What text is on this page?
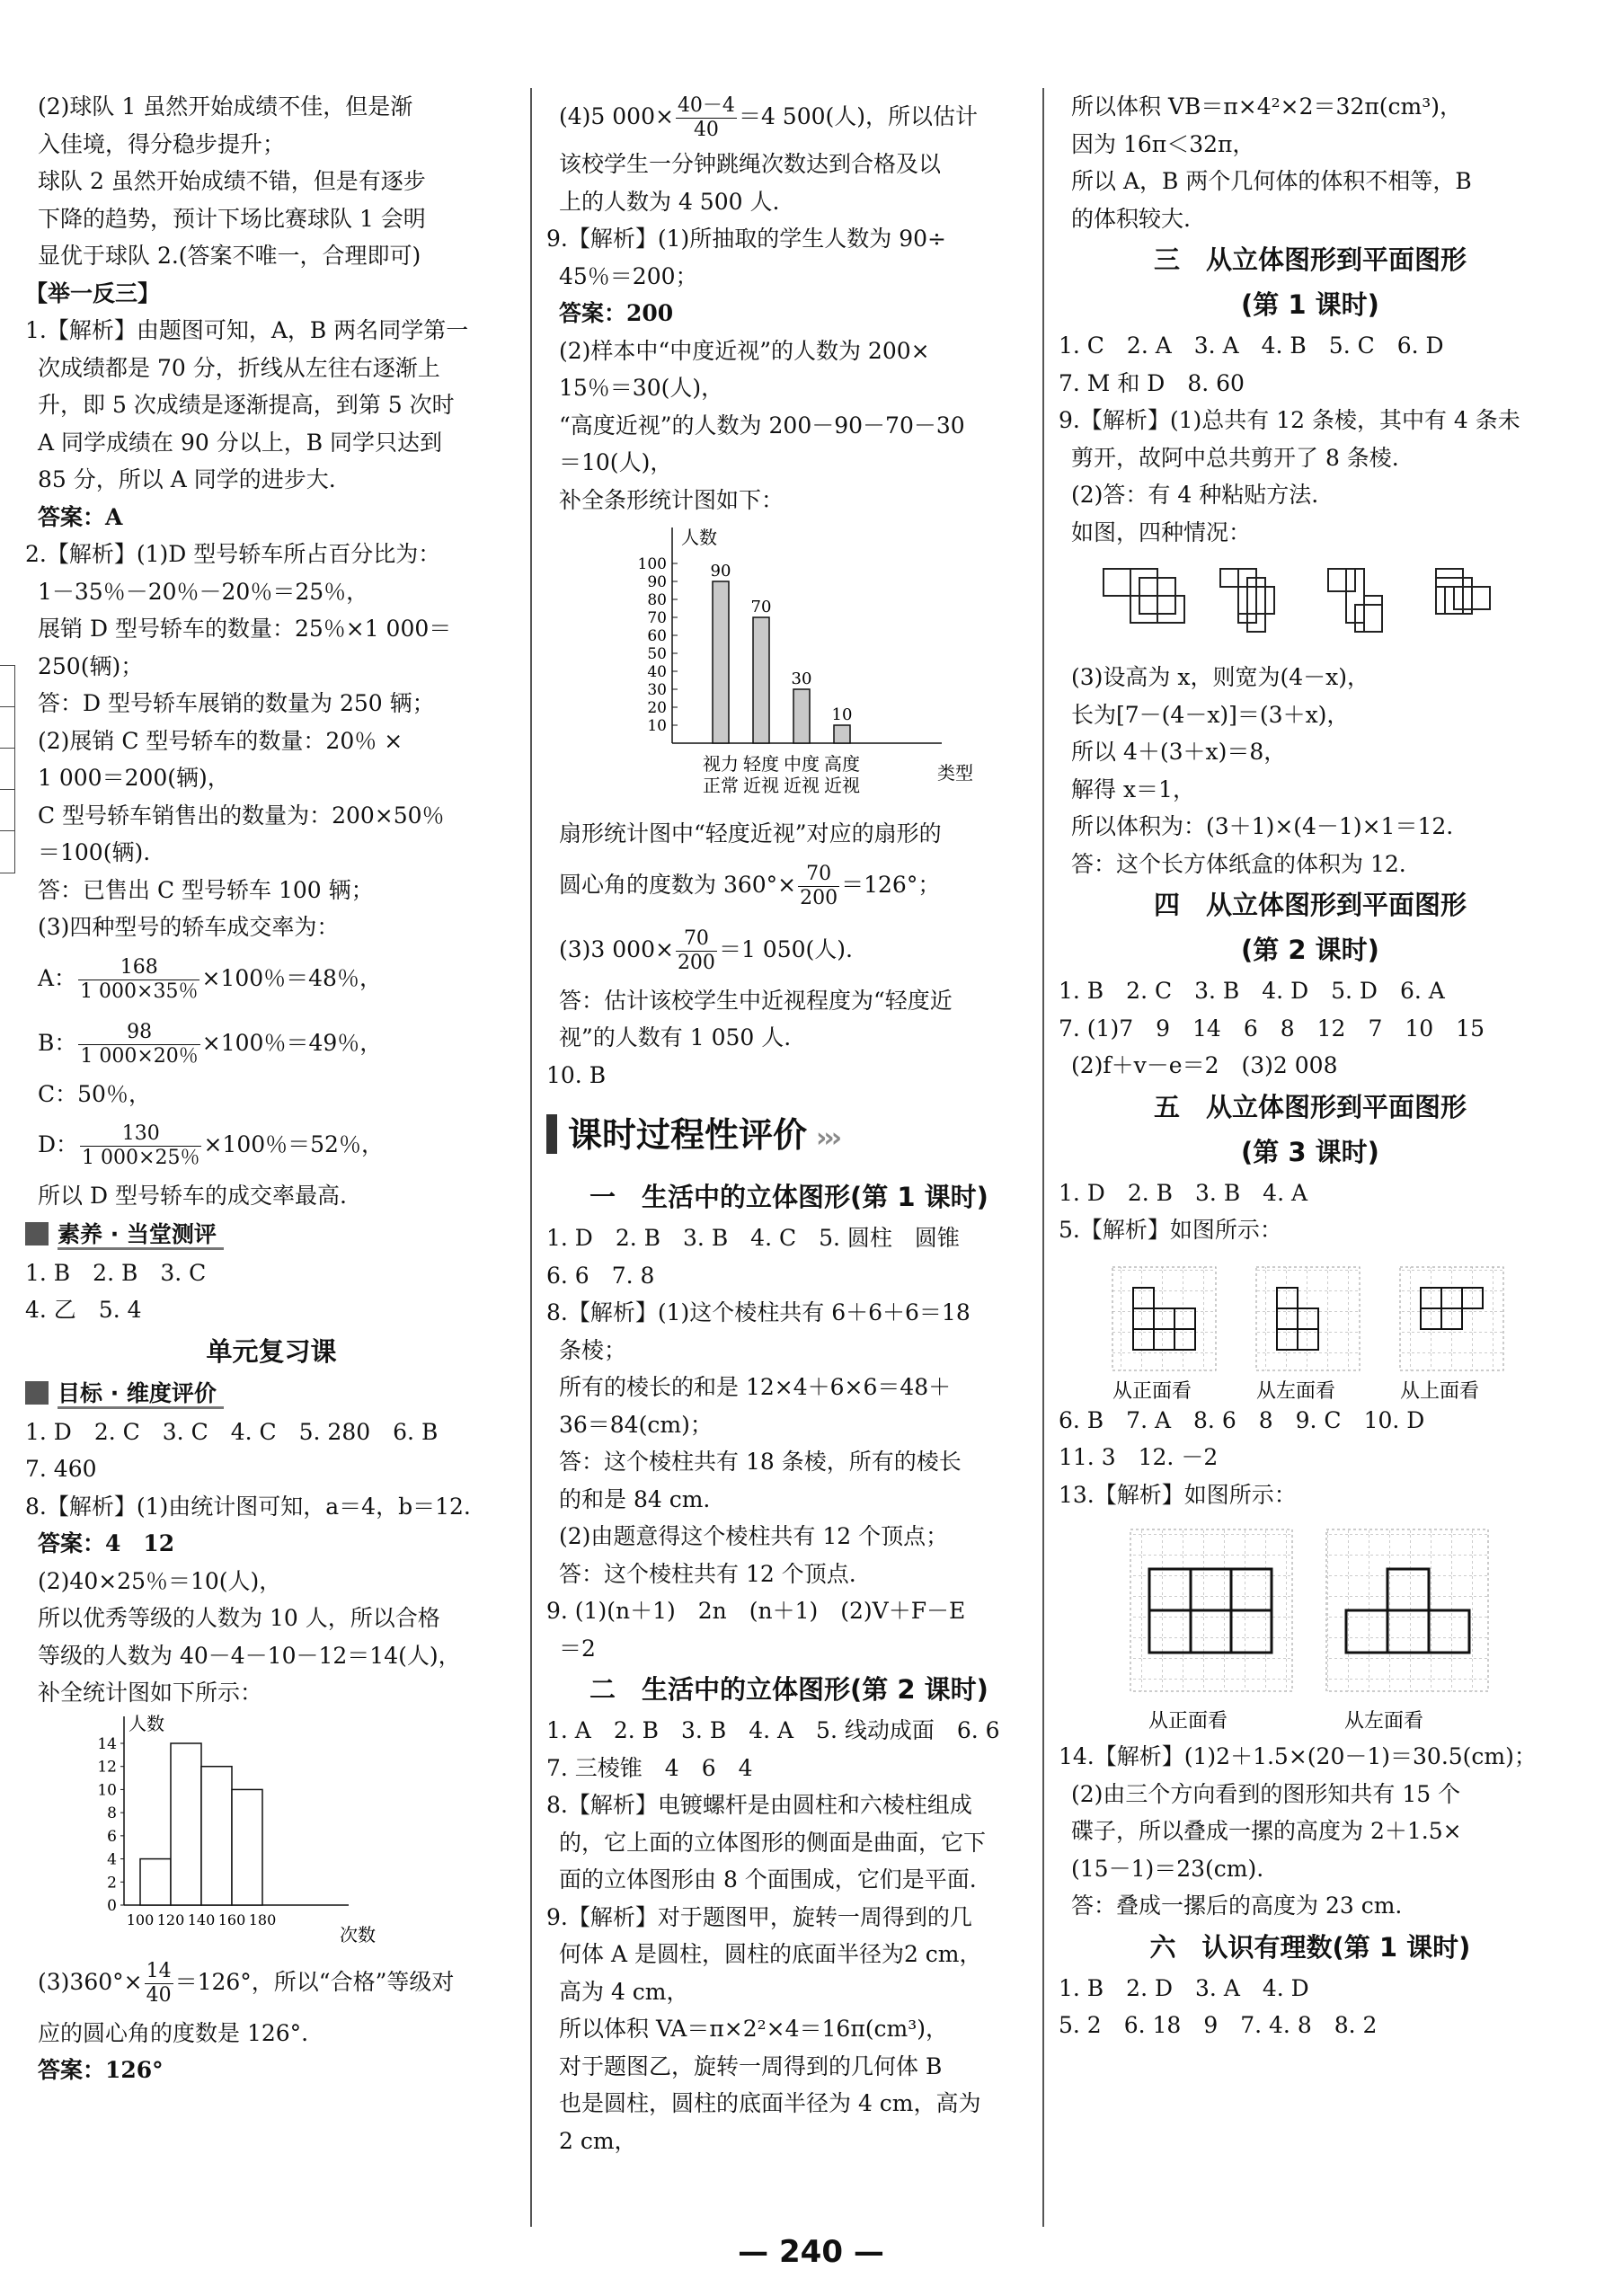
(2)球队 1 虽然开始成绩不佳，但是渐
入佳境，得分稳步提升；
球队 2 虽然开始成绩不错，但是有逐步
下降的趋势，预计下场比赛球队 1 会明
显优于球队 2.(答案不唯一，合理即可)
【举一反三】
1.【解析】由题图可知，A，B 两名同学第一
次成绩都是 70 分，折线从左往右逐渐上
升，即 5 次成绩是逐渐提高，到第 5 次时
A 同学成绩在 90 分以上，B 同学只达到
85 分，所以 A 同学的进步大.
答案：A
2.【解析】(1)D 型号轿车所占百分比为：
1－35％－20％－20％＝25％，
展销 D 型号轿车的数量：25％×1 000＝
250(辆)；
答：D 型号轿车展销的数量为 250 辆；
(2)展销 C 型号轿车的数量：20％ ×
1 000＝200(辆)，
C 型号轿车销售出的数量为：200×50％
＝100(辆).
答：已售出 C 型号轿车 100 辆；
(3)四种型号的轿车成交率为：
A： $\frac{168}{1 000\times 35\%} \times 100$％＝48％，
B： $\frac{98}{1 000\times 20\%} \times 100$％＝49％，
C：50％，
D： $\frac{130}{1 000\times 25\%} \times 100$％＝52％，
所以 D 型号轿车的成交率最高.
素养 · 当堂测评
1. B　2. B　3. C
4. 乙　5. 4
单元复习课
目标 · 维度评价
1. D　2. C　3. C　4. C　5. 280　6. B
7. 460
8.【解析】(1)由统计图可知，a＝4，b＝12.
答案：4　12
(2)40×25％＝10(人)，
所以优秀等级的人数为 10 人，所以合格
等级的人数为 40－4－10－12＝14(人)，
补全统计图如下所示：
人数
次数
0
2
4
6
8
10
12
14
100 120 140 160 180
$(3)360^\circ\times \frac{14}{40} =126^\circ$，所以“合格”等级对
应的圆心角的度数是 126°.
答案：126°
(4)5 $000\times \frac{40-4}{40} =4$ 500(人)，所以估计
该校学生一分钟跳绳次数达到合格及以
上的人数为 4 500 人.
9.【解析】(1)所抽取的学生人数为 90÷
45％＝200；
答案：200
(2)样本中“中度近视”的人数为 200×
15％＝30(人)，
“高度近视”的人数为 200－90－70－30
＝10(人)，
补全条形统计图如下：
人数
类型
10
20
30
40
50
60
70
80
90
100	90
视力
正常
70
轻度
近视
30
中度
近视
10
高度
近视
扇形统计图中“轻度近视”对应的扇形的
圆心角的度数为 $360^\circ\times \frac{70}{200} =126^\circ$；
(3)3 $000\times \frac{70}{200} =1$ 050(人).
答：估计该校学生中近视程度为“轻度近
视”的人数有 1 050 人.
10. B
课时过程性评价 ›››
一　生活中的立体图形(第 1 课时)
1. D　2. B　3. B　4. C　5. 圆柱　圆锥
6. 6　7. 8
8.【解析】(1)这个棱柱共有 6＋6＋6＝18
条棱；
所有的棱长的和是 12×4＋6×6＝48＋
36＝84(cm)；
答：这个棱柱共有 18 条棱，所有的棱长
的和是 84 cm.
(2)由题意得这个棱柱共有 12 个顶点；
答：这个棱柱共有 12 个顶点.
9. (1)(n＋1)　2n　(n＋1)　(2)V＋F－E
＝2
二　生活中的立体图形(第 2 课时)
1. A　2. B　3. B　4. A　5. 线动成面　6. 6
7. 三棱锥　4　6　4
8.【解析】电镀螺杆是由圆柱和六棱柱组成
的，它上面的立体图形的侧面是曲面，它下
面的立体图形由 8 个面围成，它们是平面.
9.【解析】对于题图甲，旋转一周得到的几
何体 A 是圆柱，圆柱的底面半径为2 cm，
高为 4 cm，
所以体积 VA＝π×2²×4＝16π(cm³)，
对于题图乙，旋转一周得到的几何体 B
也是圆柱，圆柱的底面半径为 4 cm，高为
2 cm，
所以体积 VB＝π×4²×2＝32π(cm³)，
因为 16π＜32π，
所以 A，B 两个几何体的体积不相等，B
的体积较大.
三　从立体图形到平面图形
(第 1 课时)
1. C　2. A　3. A　4. B　5. C　6. D
7. M 和 D　8. 60
9.【解析】(1)总共有 12 条棱，其中有 4 条未
剪开，故阿中总共剪开了 8 条棱.
(2)答：有 4 种粘贴方法.
如图，四种情况：
(3)设高为 x，则宽为(4－x)，
长为[7－(4－x)]＝(3＋x)，
所以 4＋(3＋x)＝8，
解得 x＝1，
所以体积为：(3＋1)×(4－1)×1＝12.
答：这个长方体纸盒的体积为 12.
四　从立体图形到平面图形
(第 2 课时)
1. B　2. C　3. B　4. D　5. D　6. A
7. (1)7　9　14　6　8　12　7　10　15
(2)f＋v－e＝2　(3)2 008
五　从立体图形到平面图形
(第 3 课时)
1. D　2. B　3. B　4. A
5.【解析】如图所示：
从正面看	从左面看	从上面看
6. B　7. A　8. 6　8　9. C　10. D
11. 3　12. －2
13.【解析】如图所示：
从正面看	从左面看
14.【解析】(1)2＋1.5×(20－1)＝30.5(cm)；
(2)由三个方向看到的图形知共有 15 个
碟子，所以叠成一摞的高度为 2＋1.5×
(15－1)＝23(cm).
答：叠成一摞后的高度为 23 cm.
六　认识有理数(第 1 课时)
1. B　2. D　3. A　4. D
5. 2　6. 18　9　7. 4. 8　8. 2
— 240 —
